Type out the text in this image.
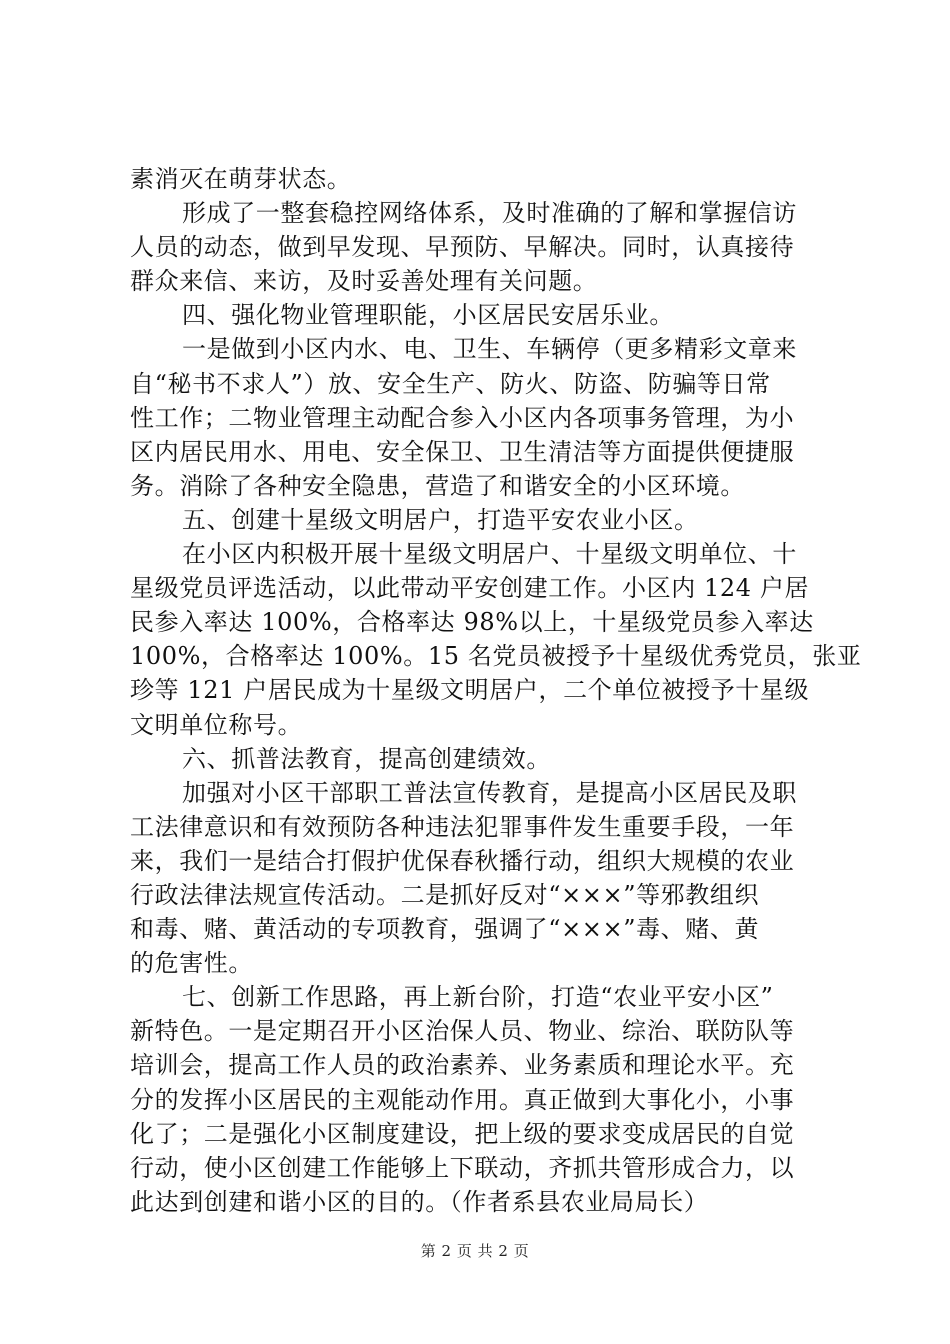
素消灭在萌芽状态。
形成了一整套稳控网络体系，及时准确的了解和掌握信访
人员的动态，做到早发现、早预防、早解决。同时，认真接待
群众来信、来访，及时妥善处理有关问题。
四、强化物业管理职能，小区居民安居乐业。
一是做到小区内水、电、卫生、车辆停（更多精彩文章来
自“秘书不求人”）放、安全生产、防火、防盗、防骗等日常
性工作；二物业管理主动配合参入小区内各项事务管理，为小
区内居民用水、用电、安全保卫、卫生清洁等方面提供便捷服
务。消除了各种安全隐患，营造了和谐安全的小区环境。
五、创建十星级文明居户，打造平安农业小区。
在小区内积极开展十星级文明居户、十星级文明单位、十
星级党员评选活动，以此带动平安创建工作。小区内 124 户居
民参入率达 100%，合格率达 98%以上，十星级党员参入率达
100%，合格率达 100%。15 名党员被授予十星级优秀党员，张亚
珍等 121 户居民成为十星级文明居户，二个单位被授予十星级
文明单位称号。
六、抓普法教育，提高创建绩效。
加强对小区干部职工普法宣传教育，是提高小区居民及职
工法律意识和有效预防各种违法犯罪事件发生重要手段，一年
来，我们一是结合打假护优保春秋播行动，组织大规模的农业
行政法律法规宣传活动。二是抓好反对“×××”等邪教组织
和毒、赌、黄活动的专项教育，强调了“×××”毒、赌、黄
的危害性。
七、创新工作思路，再上新台阶，打造“农业平安小区”
新特色。一是定期召开小区治保人员、物业、综治、联防队等
培训会，提高工作人员的政治素养、业务素质和理论水平。充
分的发挥小区居民的主观能动作用。真正做到大事化小，小事
化了；二是强化小区制度建设，把上级的要求变成居民的自觉
行动，使小区创建工作能够上下联动，齐抓共管形成合力，以
此达到创建和谐小区的目的。（作者系县农业局局长）
第 2 页 共 2 页
